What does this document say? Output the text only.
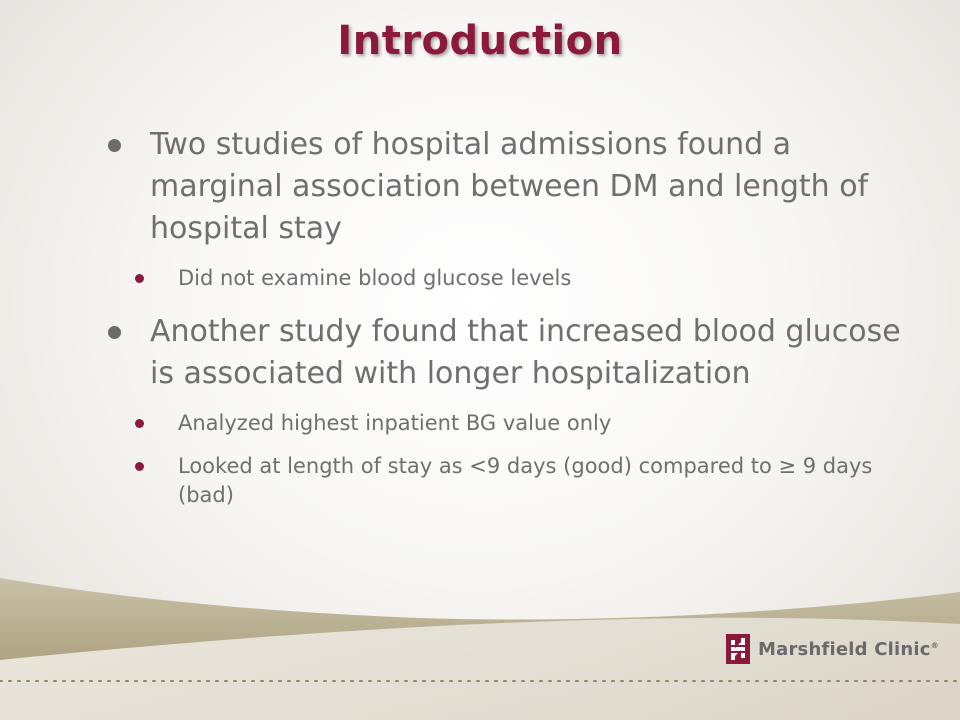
Introduction
Two studies of hospital admissions found a marginal association between DM and length of hospital stay
Did not examine blood glucose levels
Another study found that increased blood glucose is associated with longer hospitalization
Analyzed highest inpatient BG value only
Looked at length of stay as <9 days (good) compared to ≥ 9 days (bad)
Marshfield Clinic®
